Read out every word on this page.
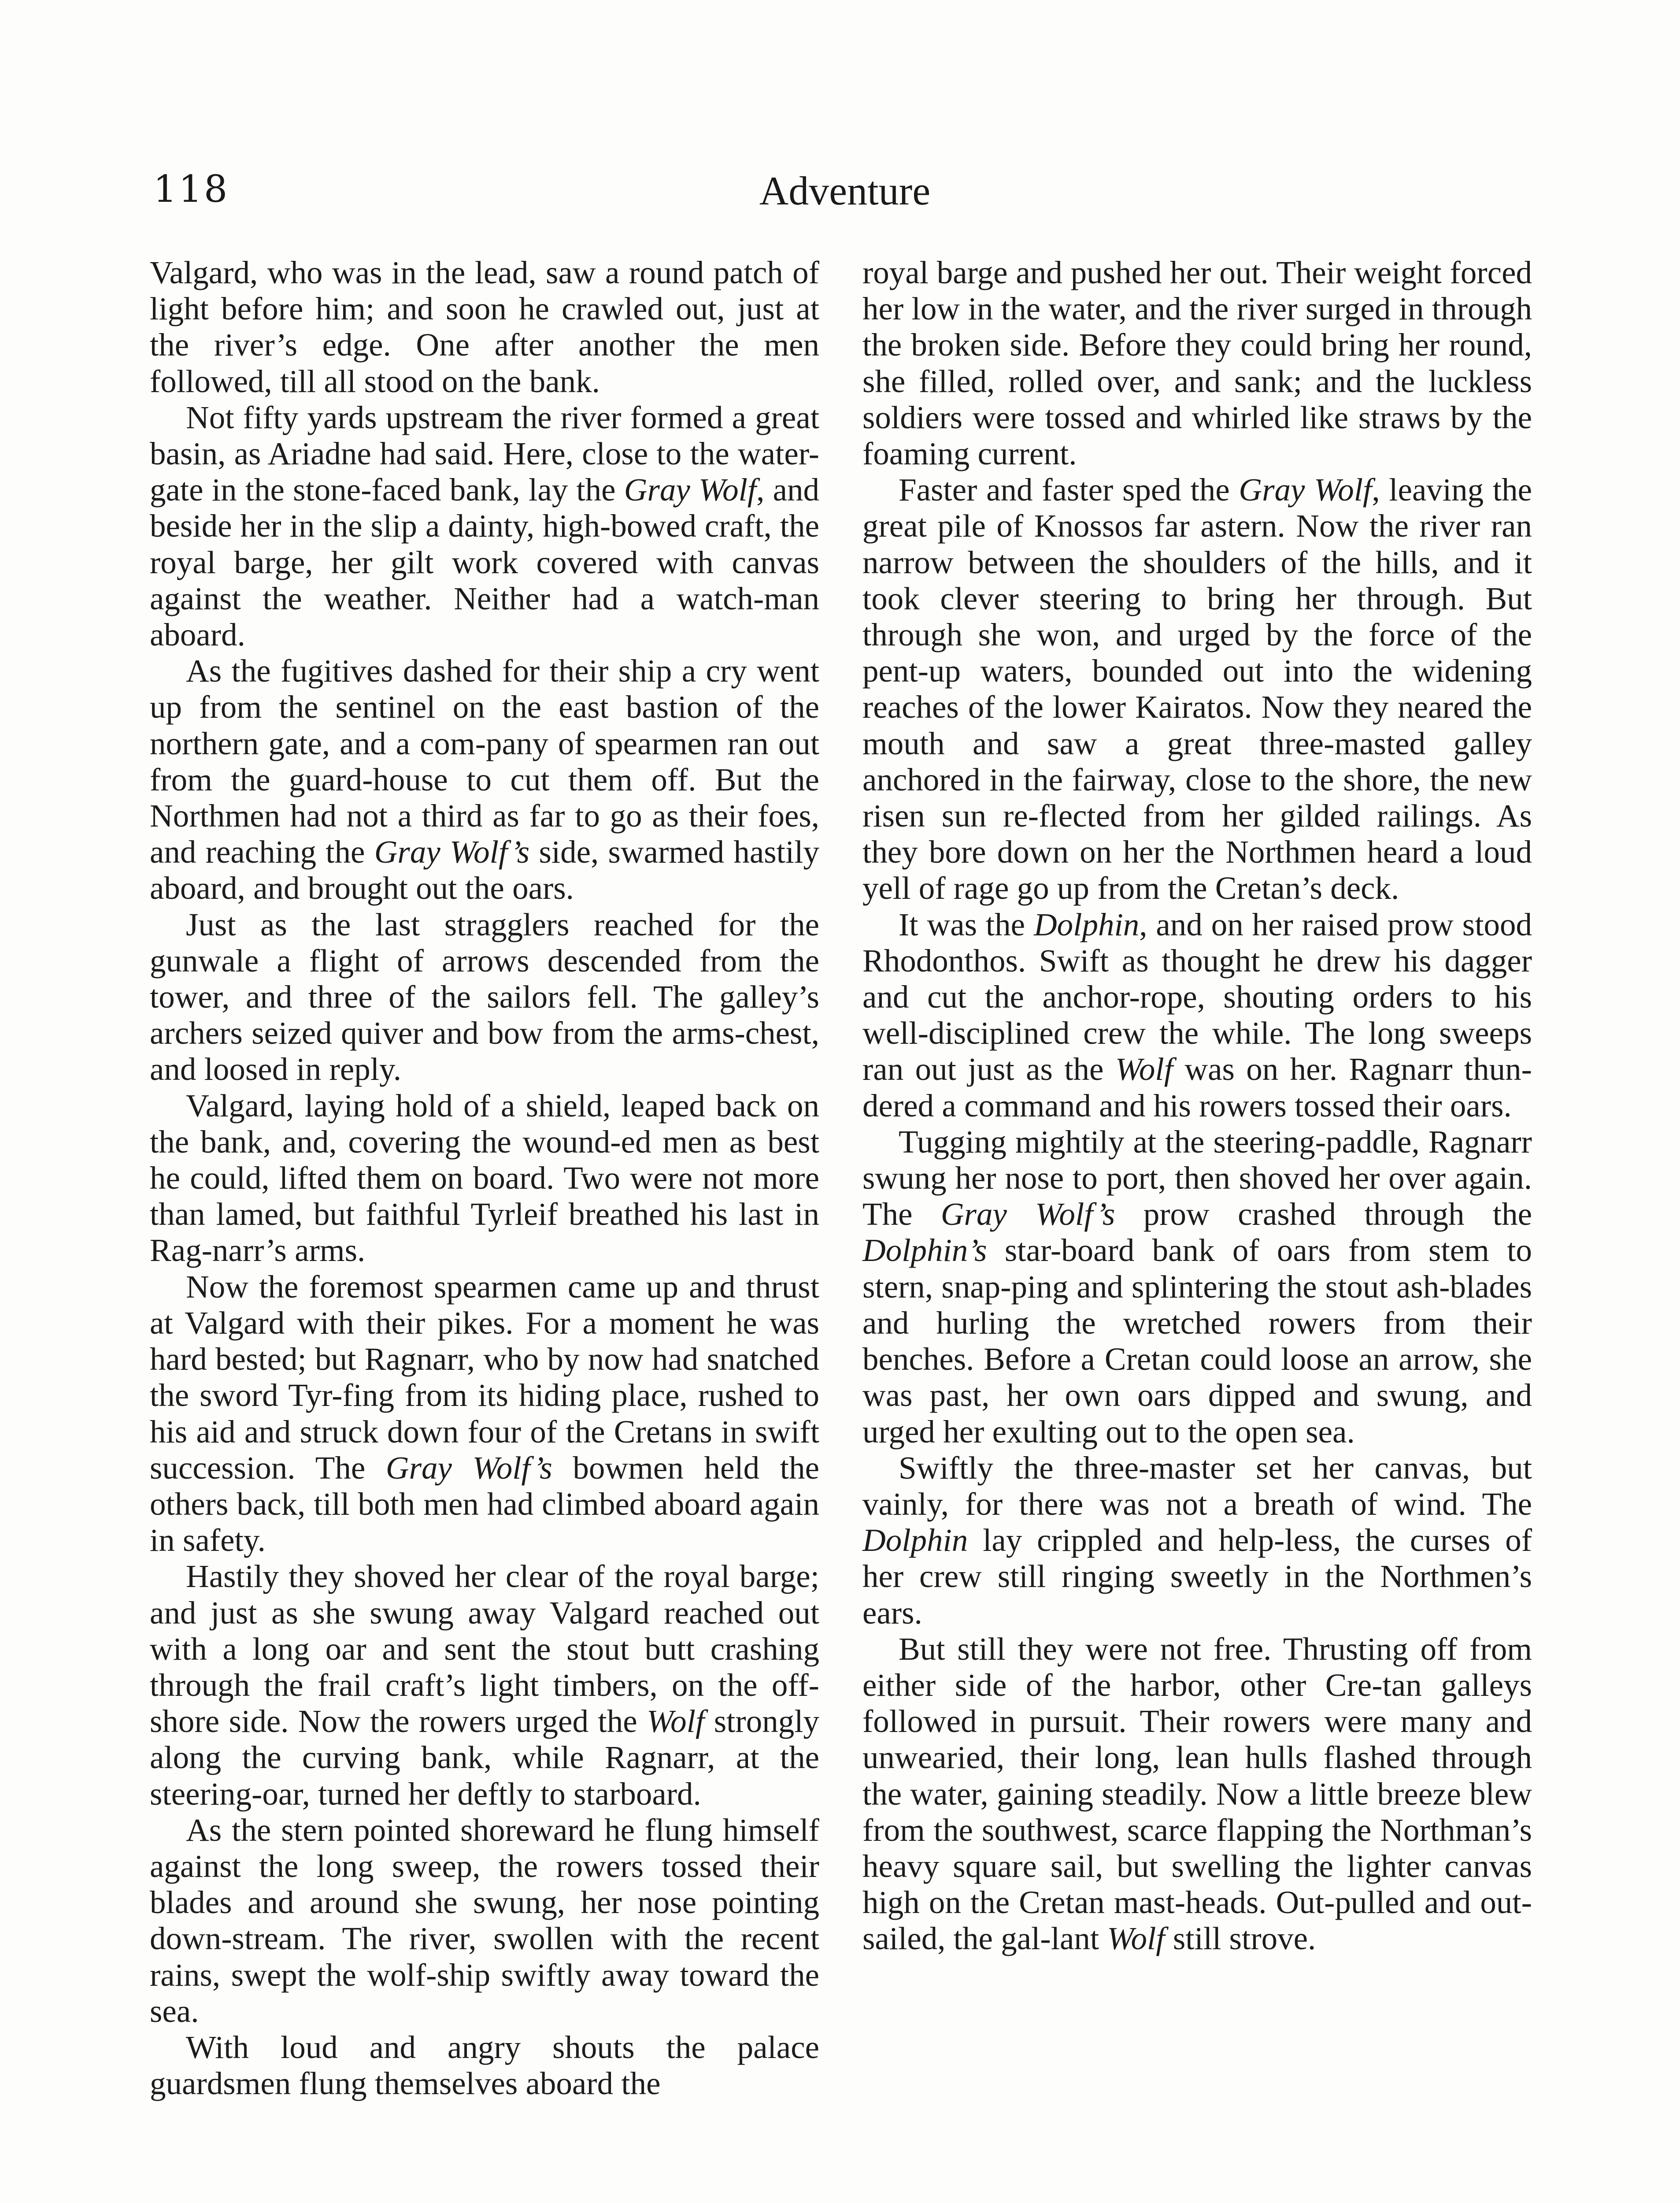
118	Adventure

Valgard, who was in the lead, saw a round patch of light before him; and soon he crawled out, just at the river’s edge. One after another the men followed, till all stood on the bank.

Not fifty yards upstream the river formed a great basin, as Ariadne had said. Here, close to the water-gate in the stone-faced bank, lay the Gray Wolf, and beside her in the slip a dainty, high-bowed craft, the royal barge, her gilt work covered with canvas against the weather. Neither had a watch-man aboard.

As the fugitives dashed for their ship a cry went up from the sentinel on the east bastion of the northern gate, and a com-pany of spearmen ran out from the guard-house to cut them off. But the Northmen had not a third as far to go as their foes, and reaching the Gray Wolf’s side, swarmed hastily aboard, and brought out the oars.

Just as the last stragglers reached for the gunwale a flight of arrows descended from the tower, and three of the sailors fell. The galley’s archers seized quiver and bow from the arms-chest, and loosed in reply.

Valgard, laying hold of a shield, leaped back on the bank, and, covering the wound-ed men as best he could, lifted them on board. Two were not more than lamed, but faithful Tyrleif breathed his last in Rag-narr’s arms.

Now the foremost spearmen came up and thrust at Valgard with their pikes. For a moment he was hard bested; but Ragnarr, who by now had snatched the sword Tyr-fing from its hiding place, rushed to his aid and struck down four of the Cretans in swift succession. The Gray Wolf’s bowmen held the others back, till both men had climbed aboard again in safety.

Hastily they shoved her clear of the royal barge; and just as she swung away Valgard reached out with a long oar and sent the stout butt crashing through the frail craft’s light timbers, on the off-shore side. Now the rowers urged the Wolf strongly along the curving bank, while Ragnarr, at the steering-oar, turned her deftly to starboard.

As the stern pointed shoreward he flung himself against the long sweep, the rowers tossed their blades and around she swung, her nose pointing down-stream. The river, swollen with the recent rains, swept the wolf-ship swiftly away toward the sea.

With loud and angry shouts the palace guardsmen flung themselves aboard the

royal barge and pushed her out. Their weight forced her low in the water, and the river surged in through the broken side. Before they could bring her round, she filled, rolled over, and sank; and the luckless soldiers were tossed and whirled like straws by the foaming current.

Faster and faster sped the Gray Wolf, leaving the great pile of Knossos far astern. Now the river ran narrow between the shoulders of the hills, and it took clever steering to bring her through. But through she won, and urged by the force of the pent-up waters, bounded out into the widening reaches of the lower Kairatos. Now they neared the mouth and saw a great three-masted galley anchored in the fairway, close to the shore, the new risen sun re-flected from her gilded railings. As they bore down on her the Northmen heard a loud yell of rage go up from the Cretan’s deck.

It was the Dolphin, and on her raised prow stood Rhodonthos. Swift as thought he drew his dagger and cut the anchor-rope, shouting orders to his well-disciplined crew the while. The long sweeps ran out just as the Wolf was on her. Ragnarr thun-dered a command and his rowers tossed their oars.

Tugging mightily at the steering-paddle, Ragnarr swung her nose to port, then shoved her over again. The Gray Wolf’s prow crashed through the Dolphin’s star-board bank of oars from stem to stern, snap-ping and splintering the stout ash-blades and hurling the wretched rowers from their benches. Before a Cretan could loose an arrow, she was past, her own oars dipped and swung, and urged her exulting out to the open sea.

Swiftly the three-master set her canvas, but vainly, for there was not a breath of wind. The Dolphin lay crippled and help-less, the curses of her crew still ringing sweetly in the Northmen’s ears.

But still they were not free. Thrusting off from either side of the harbor, other Cre-tan galleys followed in pursuit. Their rowers were many and unwearied, their long, lean hulls flashed through the water, gaining steadily. Now a little breeze blew from the southwest, scarce flapping the Northman’s heavy square sail, but swelling the lighter canvas high on the Cretan mast-heads. Out-pulled and out-sailed, the gal-lant Wolf still strove.
